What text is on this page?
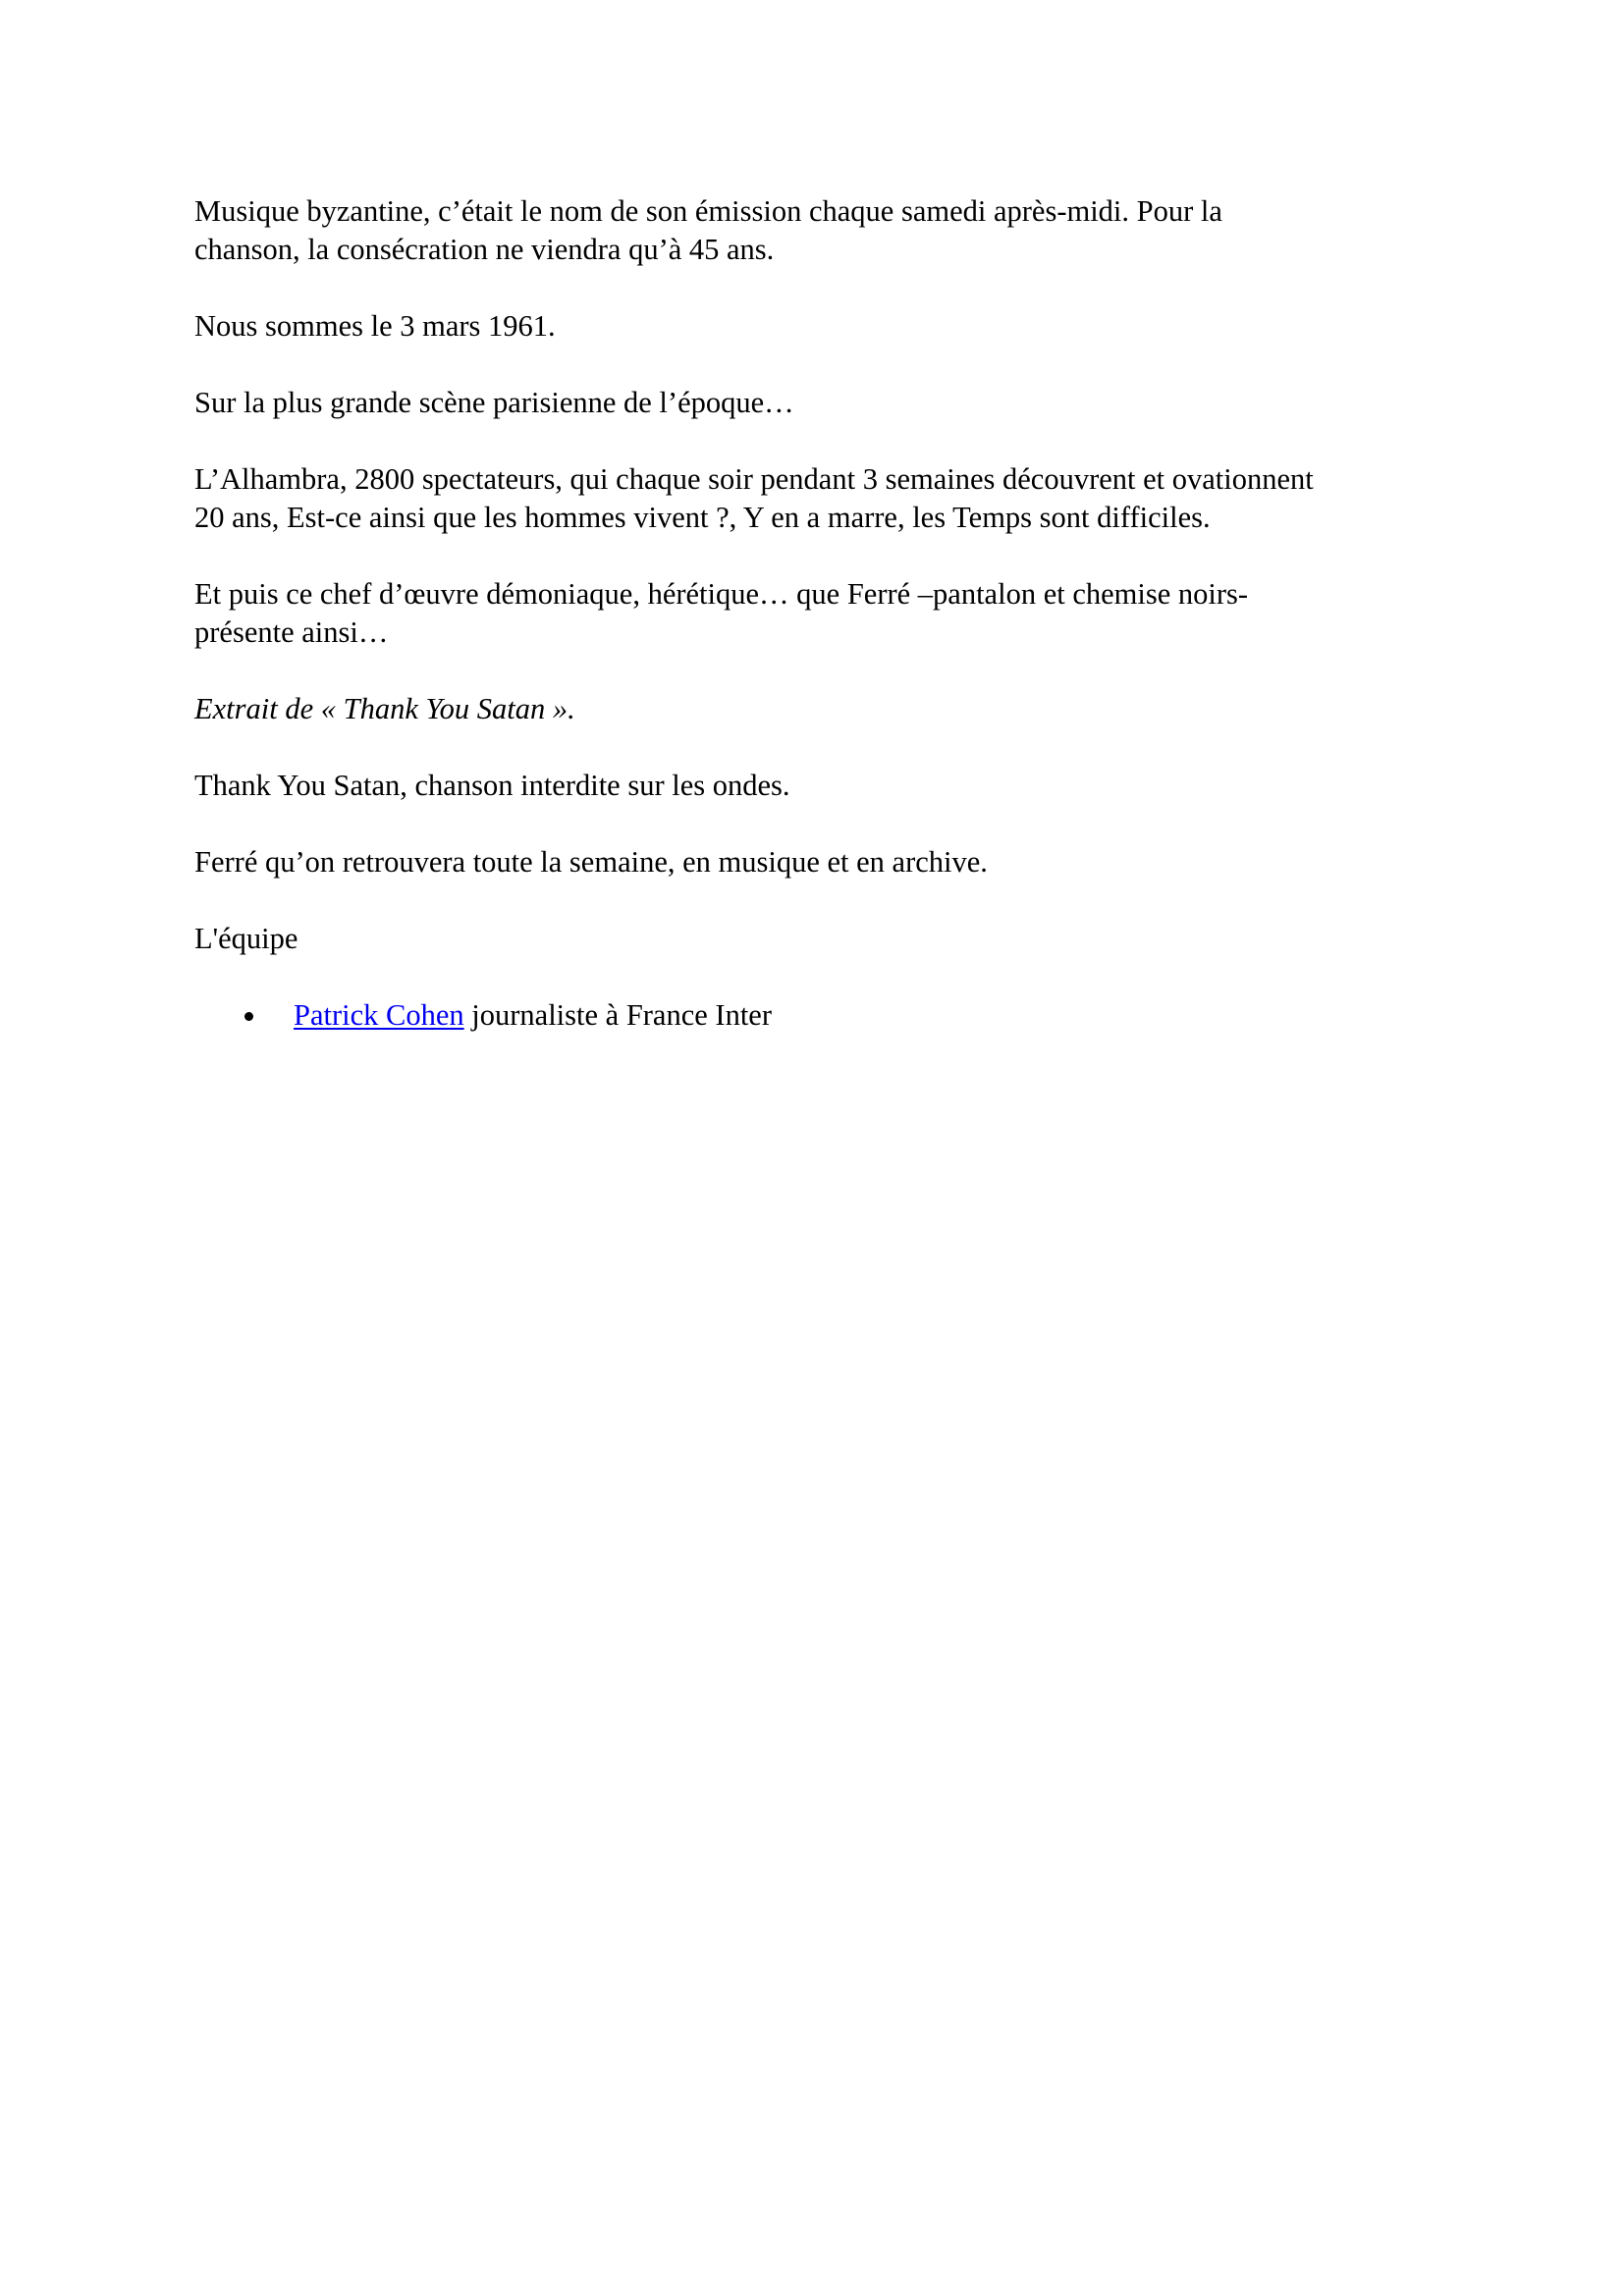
Musique byzantine, c’était le nom de son émission chaque samedi après-midi. Pour la
chanson, la consécration ne viendra qu’à 45 ans.

Nous sommes le 3 mars 1961.

Sur la plus grande scène parisienne de l’époque…

L’Alhambra, 2800 spectateurs, qui chaque soir pendant 3 semaines découvrent et ovationnent
20 ans, Est-ce ainsi que les hommes vivent ?, Y en a marre, les Temps sont difficiles.

Et puis ce chef d’œuvre démoniaque, hérétique… que Ferré –pantalon et chemise noirs-
présente ainsi…

Extrait de « Thank You Satan ».

Thank You Satan, chanson interdite sur les ondes.

Ferré qu’on retrouvera toute la semaine, en musique et en archive.

L'équipe

Patrick Cohen journaliste à France Inter
